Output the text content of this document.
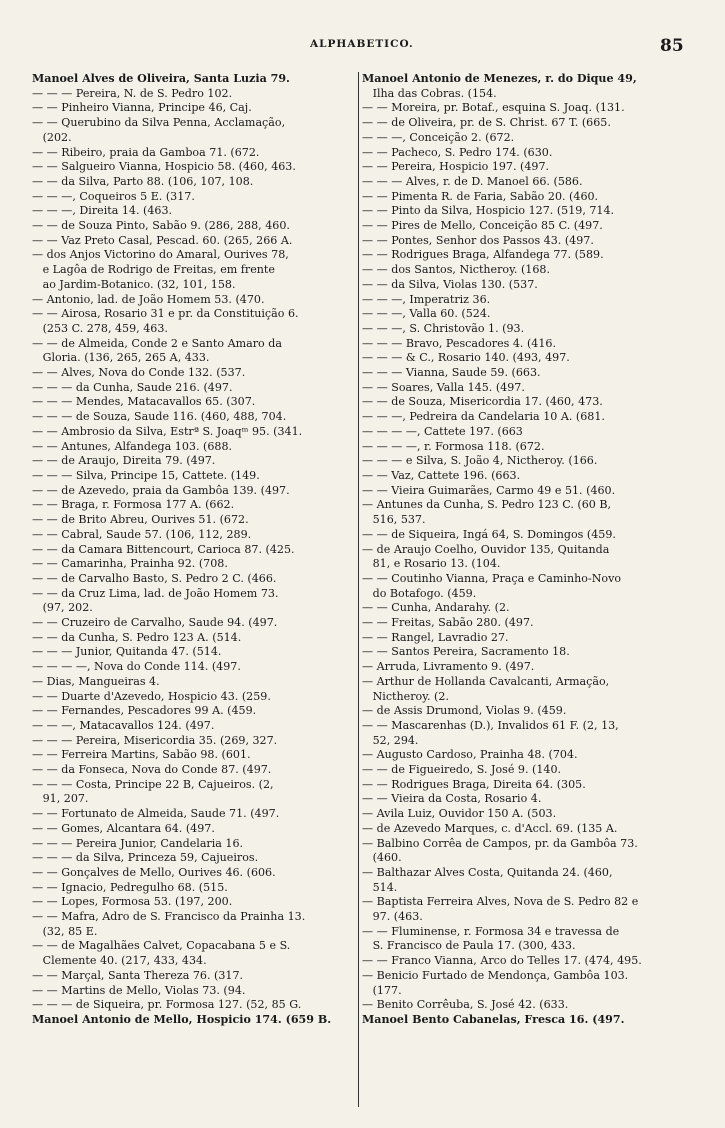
ALPHABETICO.	85

Manoel Alves de Oliveira, Santa Luzia 79.

— — — Pereira, N. de S. Pedro 102.

— — Pinheiro Vianna, Principe 46, Caj.

— — Querubino da Silva Penna, Acclamação,

(202.

— — Ribeiro, praia da Gamboa 71. (672.

— — Salgueiro Vianna, Hospicio 58. (460, 463.

— — da Silva, Parto 88. (106, 107, 108.

— — —, Coqueiros 5 E. (317.

— — —, Direita 14. (463.

— — de Souza Pinto, Sabão 9. (286, 288, 460.

— — Vaz Preto Casal, Pescad. 60. (265, 266 A.

— dos Anjos Victorino do Amaral, Ourives 78,

e Lagôa de Rodrigo de Freitas, em frente

ao Jardim-Botanico. (32, 101, 158.

— Antonio, lad. de João Homem 53. (470.

— — Airosa, Rosario 31 e pr. da Constituição 6.

(253 C. 278, 459, 463.

— — de Almeida, Conde 2 e Santo Amaro da

Gloria. (136, 265, 265 A, 433.

— — Alves, Nova do Conde 132. (537.

— — — da Cunha, Saude 216. (497.

— — — Mendes, Matacavallos 65. (307.

— — — de Souza, Saude 116. (460, 488, 704.

— — Ambrosio da Silva, Estrª S. Joaqᵐ 95. (341.

— — Antunes, Alfandega 103. (688.

— — de Araujo, Direita 79. (497.

— — — Silva, Principe 15, Cattete. (149.

— — de Azevedo, praia da Gambôa 139. (497.

— — Braga, r. Formosa 177 A. (662.

— — de Brito Abreu, Ourives 51. (672.

— — Cabral, Saude 57. (106, 112, 289.

— — da Camara Bittencourt, Carioca 87. (425.

— — Camarinha, Prainha 92. (708.

— — de Carvalho Basto, S. Pedro 2 C. (466.

— — da Cruz Lima, lad. de João Homem 73.

(97, 202.

— — Cruzeiro de Carvalho, Saude 94. (497.

— — da Cunha, S. Pedro 123 A. (514.

— — — Junior, Quitanda 47. (514.

— — — —, Nova do Conde 114. (497.

— Dias, Mangueiras 4.

— — Duarte d'Azevedo, Hospicio 43. (259.

— — Fernandes, Pescadores 99 A. (459.

— — —, Matacavallos 124. (497.

— — — Pereira, Misericordia 35. (269, 327.

— — Ferreira Martins, Sabão 98. (601.

— — da Fonseca, Nova do Conde 87. (497.

— — — Costa, Principe 22 B, Cajueiros. (2,

91, 207.

— — Fortunato de Almeida, Saude 71. (497.

— — Gomes, Alcantara 64. (497.

— — — Pereira Junior, Candelaria 16.

— — — da Silva, Princeza 59, Cajueiros.

— — Gonçalves de Mello, Ourives 46. (606.

— — Ignacio, Pedregulho 68. (515.

— — Lopes, Formosa 53. (197, 200.

— — Mafra, Adro de S. Francisco da Prainha 13.

(32, 85 E.

— — de Magalhães Calvet, Copacabana 5 e S.

Clemente 40. (217, 433, 434.

— — Marçal, Santa Thereza 76. (317.

— — Martins de Mello, Violas 73. (94.

— — — de Siqueira, pr. Formosa 127. (52, 85 G.

Manoel Antonio de Mello, Hospicio 174. (659 B.

Manoel Antonio de Menezes, r. do Dique 49,

Ilha das Cobras. (154.

— — Moreira, pr. Botaf., esquina S. Joaq. (131.

— — de Oliveira, pr. de S. Christ. 67 T. (665.

— — —, Conceição 2. (672.

— — Pacheco, S. Pedro 174. (630.

— — Pereira, Hospicio 197. (497.

— — — Alves, r. de D. Manoel 66. (586.

— — Pimenta R. de Faria, Sabão 20. (460.

— — Pinto da Silva, Hospicio 127. (519, 714.

— — Pires de Mello, Conceição 85 C. (497.

— — Pontes, Senhor dos Passos 43. (497.

— — Rodrigues Braga, Alfandega 77. (589.

— — dos Santos, Nictheroy. (168.

— — da Silva, Violas 130. (537.

— — —, Imperatriz 36.

— — —, Valla 60. (524.

— — —, S. Christovão 1. (93.

— — — Bravo, Pescadores 4. (416.

— — — & C., Rosario 140. (493, 497.

— — — Vianna, Saude 59. (663.

— — Soares, Valla 145. (497.

— — de Souza, Misericordia 17. (460, 473.

— — —, Pedreira da Candelaria 10 A. (681.

— — — —, Cattete 197. (663

— — — —, r. Formosa 118. (672.

— — — e Silva, S. João 4, Nictheroy. (166.

— — Vaz, Cattete 196. (663.

— — Vieira Guimarães, Carmo 49 e 51. (460.

— Antunes da Cunha, S. Pedro 123 C. (60 B,

516, 537.

— — de Siqueira, Ingá 64, S. Domingos (459.

— de Araujo Coelho, Ouvidor 135, Quitanda

81, e Rosario 13. (104.

— — Coutinho Vianna, Praça e Caminho-Novo

do Botafogo. (459.

— — Cunha, Andarahy. (2.

— — Freitas, Sabão 280. (497.

— — Rangel, Lavradio 27.

— — Santos Pereira, Sacramento 18.

— Arruda, Livramento 9. (497.

— Arthur de Hollanda Cavalcanti, Armação,

Nictheroy. (2.

— de Assis Drumond, Violas 9. (459.

— — Mascarenhas (D.), Invalidos 61 F. (2, 13,

52, 294.

— Augusto Cardoso, Prainha 48. (704.

— — de Figueiredo, S. José 9. (140.

— — Rodrigues Braga, Direita 64. (305.

— — Vieira da Costa, Rosario 4.

— Avila Luiz, Ouvidor 150 A. (503.

— de Azevedo Marques, c. d'Accl. 69. (135 A.

— Balbino Corrêa de Campos, pr. da Gambôa 73.

(460.

— Balthazar Alves Costa, Quitanda 24. (460,

514.

— Baptista Ferreira Alves, Nova de S. Pedro 82 e

97. (463.

— — Fluminense, r. Formosa 34 e travessa de

S. Francisco de Paula 17. (300, 433.

— — Franco Vianna, Arco do Telles 17. (474, 495.

— Benicio Furtado de Mendonça, Gambôa 103.

(177.

— Benito Corrêuba, S. José 42. (633.

Manoel Bento Cabanelas, Fresca 16. (497.
